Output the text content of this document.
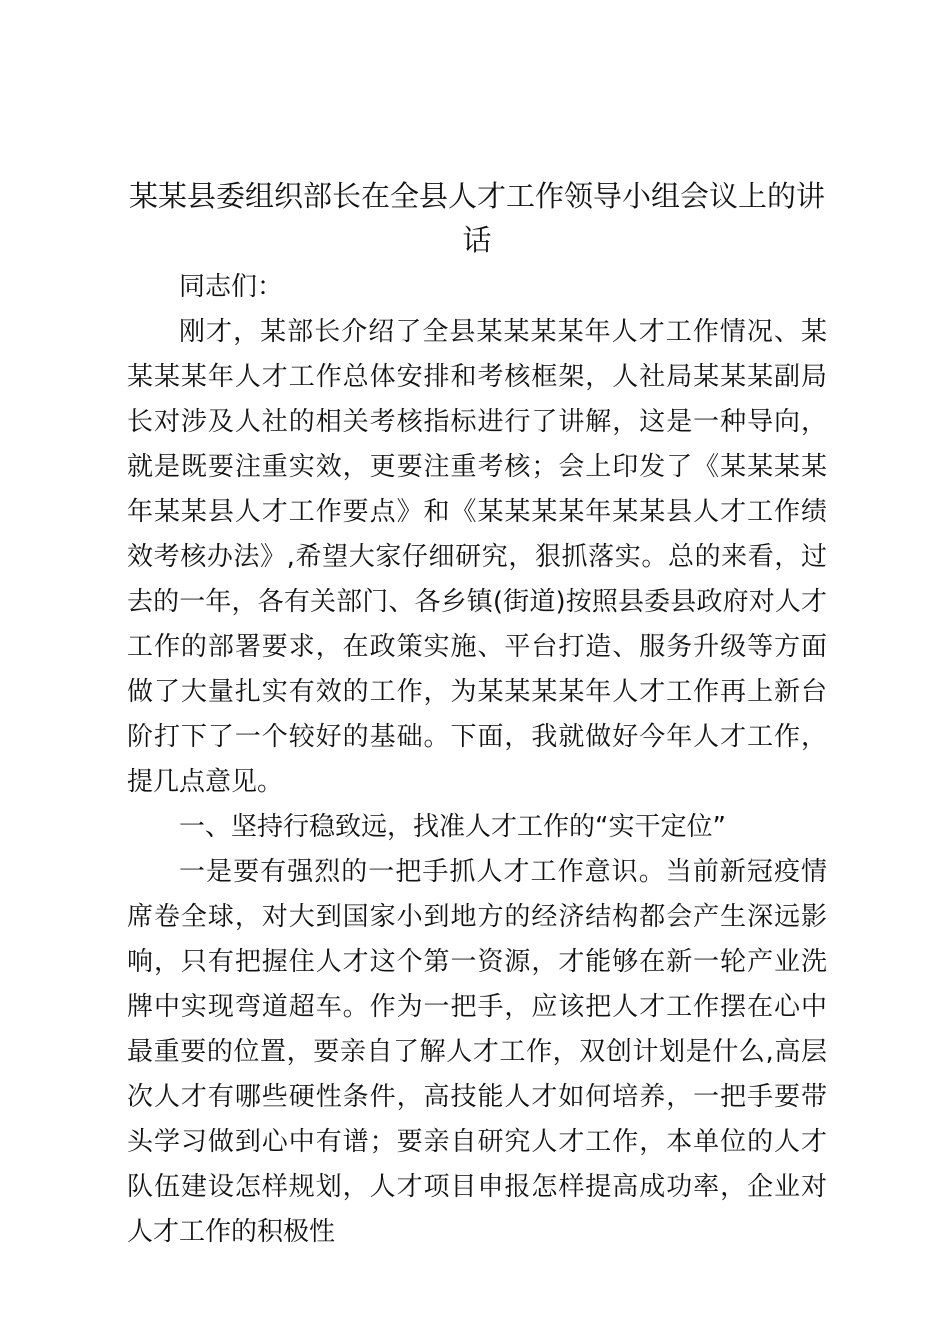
某某县委组织部长在全县人才工作领导小组会议上的讲
话

同志们：

刚才，某部长介绍了全县某某某某年人才工作情况、某某某某年人才工作总体安排和考核框架，人社局某某某副局长对涉及人社的相关考核指标进行了讲解，这是一种导向，就是既要注重实效，更要注重考核；会上印发了《某某某某年某某县人才工作要点》和《某某某某年某某县人才工作绩效考核办法》,希望大家仔细研究，狠抓落实。总的来看，过去的一年，各有关部门、各乡镇(街道)按照县委县政府对人才工作的部署要求，在政策实施、平台打造、服务升级等方面做了大量扎实有效的工作，为某某某某年人才工作再上新台阶打下了一个较好的基础。下面，我就做好今年人才工作，提几点意见。

一、坚持行稳致远，找准人才工作的“实干定位”

一是要有强烈的一把手抓人才工作意识。当前新冠疫情席卷全球，对大到国家小到地方的经济结构都会产生深远影响，只有把握住人才这个第一资源，才能够在新一轮产业洗牌中实现弯道超车。作为一把手，应该把人才工作摆在心中最重要的位置，要亲自了解人才工作，双创计划是什么,高层次人才有哪些硬性条件，高技能人才如何培养，一把手要带头学习做到心中有谱；要亲自研究人才工作，本单位的人才队伍建设怎样规划，人才项目申报怎样提高成功率，企业对人才工作的积极性
